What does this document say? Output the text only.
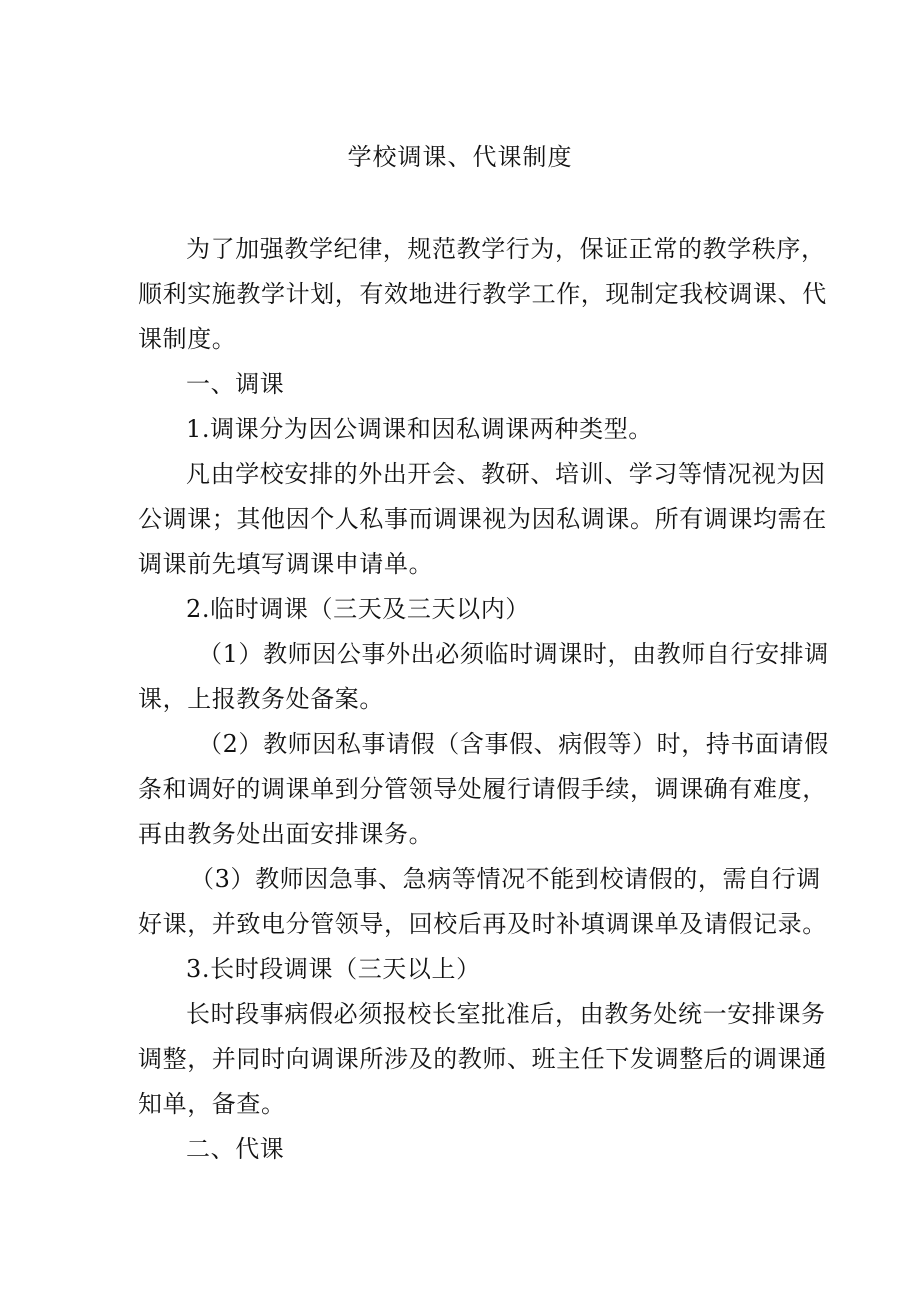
学校调课、代课制度
为了加强教学纪律，规范教学行为，保证正常的教学秩序，
顺利实施教学计划，有效地进行教学工作，现制定我校调课、代
课制度。
一、调课
1.调课分为因公调课和因私调课两种类型。
凡由学校安排的外出开会、教研、培训、学习等情况视为因
公调课；其他因个人私事而调课视为因私调课。所有调课均需在
调课前先填写调课申请单。
2.临时调课（三天及三天以内）
（1）教师因公事外出必须临时调课时，由教师自行安排调
课，上报教务处备案。
（2）教师因私事请假（含事假、病假等）时，持书面请假
条和调好的调课单到分管领导处履行请假手续，调课确有难度，
再由教务处出面安排课务。
（3）教师因急事、急病等情况不能到校请假的，需自行调
好课，并致电分管领导，回校后再及时补填调课单及请假记录。
3.长时段调课（三天以上）
长时段事病假必须报校长室批准后，由教务处统一安排课务
调整，并同时向调课所涉及的教师、班主任下发调整后的调课通
知单，备查。
二、代课
